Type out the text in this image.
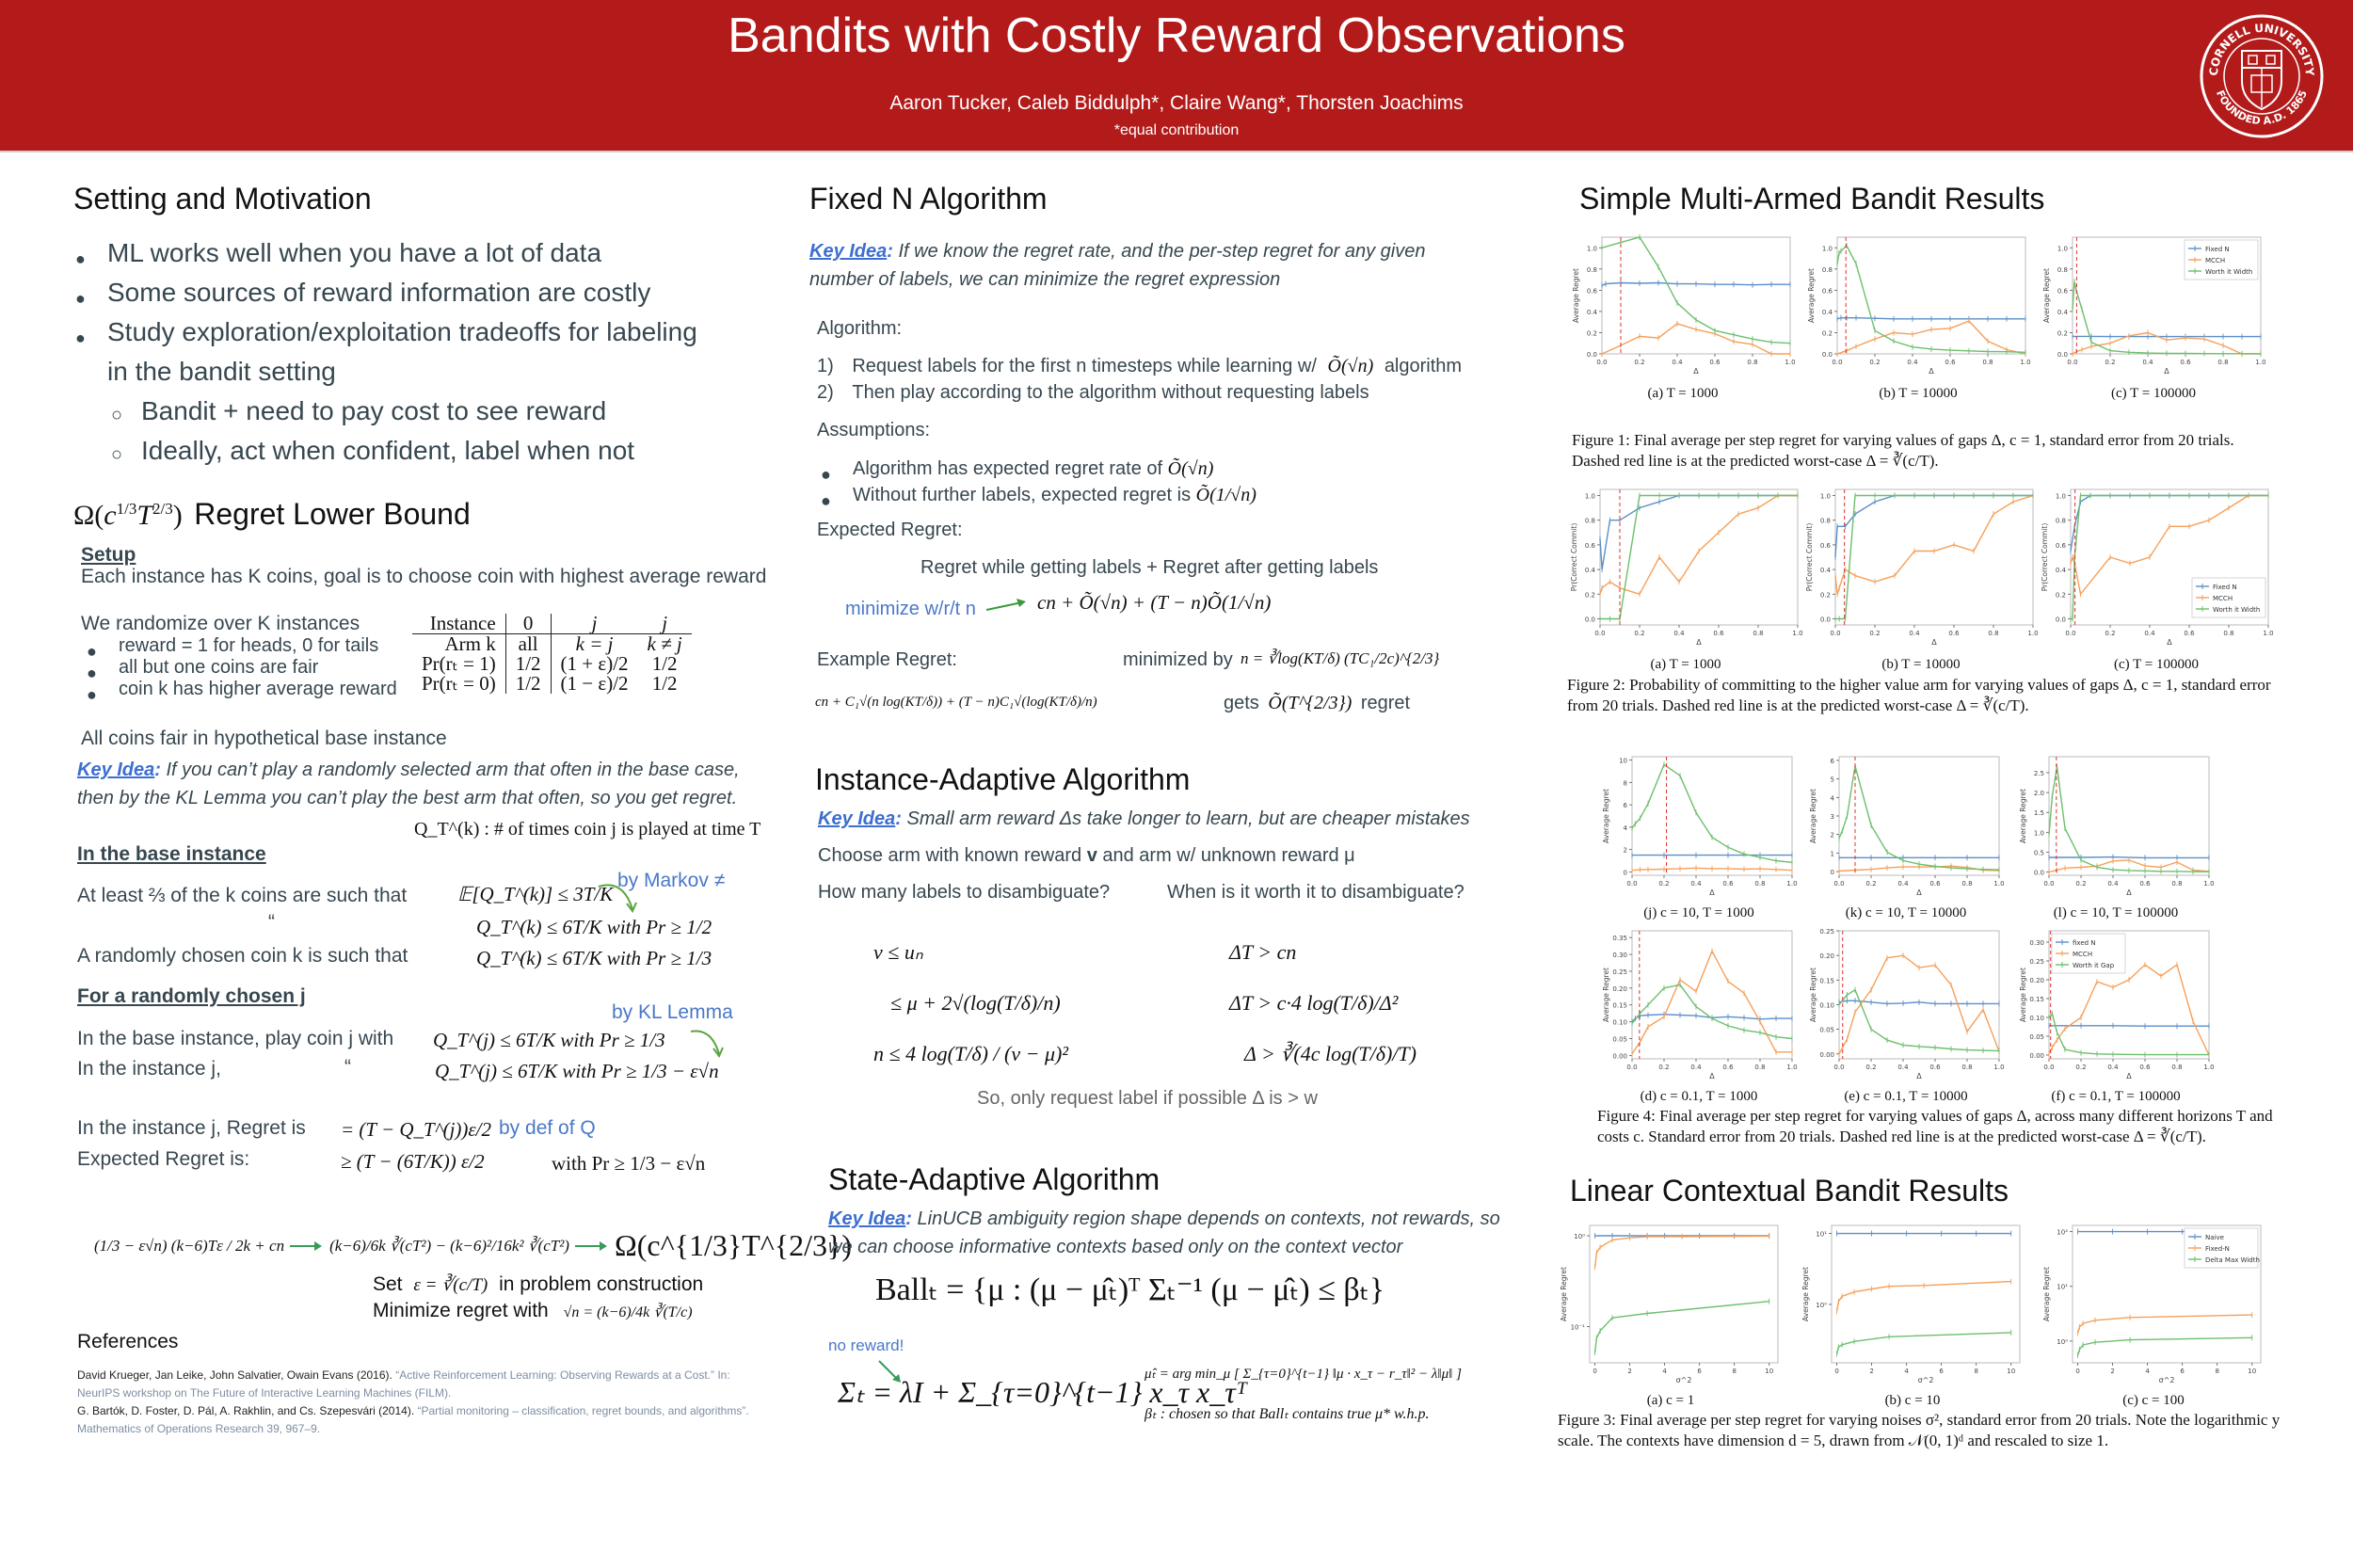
Bandits with Costly Reward Observations
Aaron Tucker, Caleb Biddulph*, Claire Wang*, Thorsten Joachims
*equal contribution
CORNELL UNIVERSITY
FOUNDED A.D. 1865
Setting and Motivation
● ML works well when you have a lot of data
● Some sources of reward information are costly
● Study exploration/exploitation tradeoffs for labeling
in the bandit setting
○ Bandit + need to pay cost to see reward
○ Ideally, act when confident, label when not
$\Omega(c^{1/3}T^{2/3})$ Regret Lower Bound
Setup
Each instance has K coins, goal is to choose coin with highest average reward
We randomize over K instances
● reward = 1 for heads, 0 for tails
● all but one coins are fair
● coin k has higher average reward
Instance	0	j	j
Arm k	all	k = j	k ≠ j
Pr(rₜ = 1)	1/2	(1 + ε)/2	1/2
Pr(rₜ = 0)	1/2	(1 − ε)/2	1/2
All coins fair in hypothetical base instance
Key Idea: If you can’t play a randomly selected arm that often in the base case, then by the KL Lemma you can’t play the best arm that often, so you get regret.
Q_T^(k) : # of times coin j is played at time T
In the base instance
At least ⅔ of the k coins are such that	𝔼[Q_T^(k)] ≤ 3T/K
by Markov ≠
“	Q_T^(k) ≤ 6T/K with Pr ≥ 1/2
A randomly chosen coin k is such that	Q_T^(k) ≤ 6T/K with Pr ≥ 1/3
For a randomly chosen j
by KL Lemma
In the base instance, play coin j with Q_T^(j) ≤ 6T/K with Pr ≥ 1/3
In the instance j,	“	Q_T^(j) ≤ 6T/K with Pr ≥ 1/3 − ε√n
In the instance j, Regret is = (T − Q_T^(j))ε/2 by def of Q
Expected Regret is:	≥ (T − (6T/K)) ε/2	with Pr ≥ 1/3 − ε√n
(1/3 − ε√n) (k−6)Tε / 2k + cn	(k−6)/6k ∛(cT²) − (k−6)²/16k² ∛(cT²) Ω(c^{1/3}T^{2/3})
Set ε = ∛(c/T) in problem construction
Minimize regret with √n = (k−6)/4k ∛(T/c)
References
David Krueger, Jan Leike, John Salvatier, Owain Evans (2016). “Active Reinforcement Learning: Observing Rewards at a Cost.” In: NeurIPS workshop on The Future of Interactive Learning Machines (FILM).
G. Bartók, D. Foster, D. Pál, A. Rakhlin, and Cs. Szepesvári (2014). “Partial monitoring – classification, regret bounds, and algorithms”. Mathematics of Operations Research 39, 967–9.
Fixed N Algorithm
Key Idea: If we know the regret rate, and the per-step regret for any given number of labels, we can minimize the regret expression
Algorithm:
1) Request labels for the first n timesteps while learning w/ Õ(√n) algorithm
2) Then play according to the algorithm without requesting labels
Assumptions:
● Algorithm has expected regret rate of Õ(√n)
● Without further labels, expected regret is Õ(1/√n)
Expected Regret:
Regret while getting labels + Regret after getting labels
minimize w/r/t n	cn + Õ(√n) + (T − n)Õ(1/√n)
Example Regret:	minimized by n = ∛log(KT/δ) (TC₁/2c)^{2/3}
cn + C₁√(n log(KT/δ)) + (T − n)C₁√(log(KT/δ)/n)	gets Õ(T^{2/3}) regret
Instance-Adaptive Algorithm
Key Idea: Small arm reward Δs take longer to learn, but are cheaper mistakes
Choose arm with known reward v and arm w/ unknown reward μ
How many labels to disambiguate?	When is it worth it to disambiguate?
ν ≤ uₙ
≤ μ + 2√(log(T/δ)/n)
n ≤ 4 log(T/δ) / (ν − μ)²
ΔT > cn
ΔT > c·4 log(T/δ)/Δ²
Δ > ∛(4c log(T/δ)/T)
So, only request label if possible Δ is > w
State-Adaptive Algorithm
Key Idea: LinUCB ambiguity region shape depends on contexts, not rewards, so we can choose informative contexts based only on the context vector
Ballₜ = {μ : (μ − μ̂ₜ)ᵀ Σₜ⁻¹ (μ − μ̂ₜ) ≤ βₜ}
no reward!
Σₜ = λI + Σ_{τ=0}^{t−1} x_τ x_τᵀ
μ̂ₜ = arg min_μ [ Σ_{τ=0}^{t−1} ‖μ · x_τ − r_τ‖² − λ‖μ‖ ]
βₜ : chosen so that Ballₜ contains true μ* w.h.p.
Simple Multi-Armed Bandit Results
0.0
0.2
0.4
0.6
0.8
1.0
0.0	0.2	0.4	0.6	0.8	1.0
Δ
Average Regret
(a) T = 1000
0.0
0.2
0.4
0.6
0.8
1.0
0.0	0.2	0.4	0.6	0.8	1.0
Δ
Average Regret
(b) T = 10000
0.0
0.2
0.4
0.6
0.8
1.0
0.0	0.2	0.4	0.6	0.8	1.0
Δ
Average Regret
Fixed N
MCCH
Worth it Width
(c) T = 100000
0.0
0.2
0.4
0.6
0.8
1.0
0.0	0.2	0.4	0.6	0.8	1.0
Δ
Pr(Correct Commit)
(a) T = 1000
0.0
0.2
0.4
0.6
0.8
1.0
0.0	0.2	0.4	0.6	0.8	1.0
Δ
Pr(Correct Commit)
(b) T = 10000
0.0
0.2
0.4
0.6
0.8
1.0
0.0	0.2	0.4	0.6	0.8	1.0
Δ
Pr(Correct Commit)	Fixed N
MCCH
Worth it Width
(c) T = 100000
0
2
4
6
8
10
0.0	0.2	0.4	0.6	0.8	1.0
Δ
Average Regret
(j) c = 10, T = 1000
0
1
2
3
4
5
6
0.0	0.2	0.4	0.6	0.8	1.0
Δ
Average Regret
(k) c = 10, T = 10000
0.0
0.5
1.0
1.5
2.0
2.5
0.0	0.2	0.4	0.6	0.8	1.0
Δ
Average Regret
(l) c = 10, T = 100000
0.00
0.05
0.10
0.15
0.20
0.25
0.30
0.35
0.0	0.2	0.4	0.6	0.8	1.0
Δ
Average Regret
(d) c = 0.1, T = 1000
0.00
0.05
0.10
0.15
0.20
0.25
0.0	0.2	0.4	0.6	0.8	1.0
Δ
Average Regret
(e) c = 0.1, T = 10000
0.00
0.05
0.10
0.15
0.20
0.25
0.30
0.0	0.2	0.4	0.6	0.8	1.0
Δ
Average Regret
fixed N
MCCH
Worth it Gap
(f) c = 0.1, T = 100000
10⁻¹
10⁰
0	2	4	6	8	10
σ^2
Average Regret
(a) c = 1
10⁰
10¹
0	2	4	6	8	10
σ^2
Average Regret
(b) c = 10
10⁰
10¹
10²
0	2	4	6	8	10
σ^2
Average Regret
Naive
Fixed-N
Delta Max Width
(c) c = 100
Figure 1: Final average per step regret for varying values of gaps Δ, c = 1, standard error from 20 trials. Dashed red line is at the predicted worst-case Δ = ∛(c/T).
Figure 2: Probability of committing to the higher value arm for varying values of gaps Δ, c = 1, standard error from 20 trials. Dashed red line is at the predicted worst-case Δ = ∛(c/T).
Figure 4: Final average per step regret for varying values of gaps Δ, across many different horizons T and costs c. Standard error from 20 trials. Dashed red line is at the predicted worst-case Δ = ∛(c/T).
Linear Contextual Bandit Results
Figure 3: Final average per step regret for varying noises σ², standard error from 20 trials. Note the logarithmic y scale. The contexts have dimension d = 5, drawn from 𝒩(0, 1)ᵈ and rescaled to size 1.
